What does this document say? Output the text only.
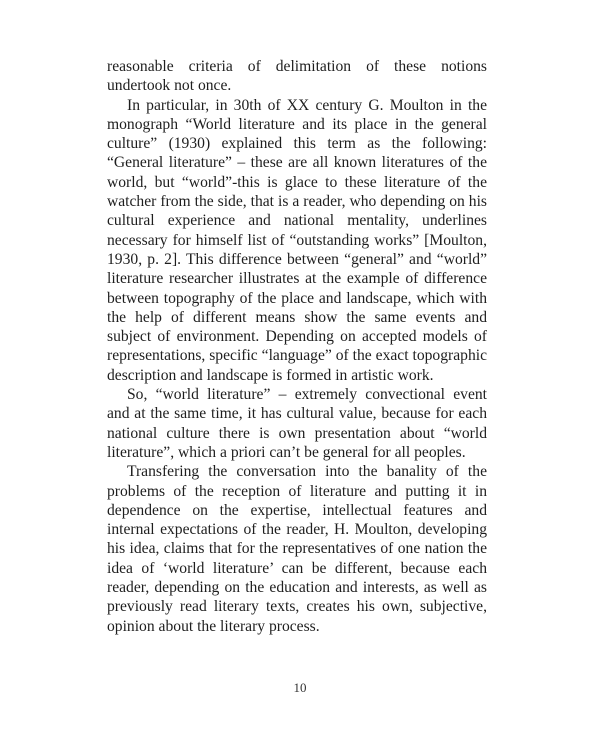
reasonable criteria of delimitation of these notions undertook not once.

In particular, in 30th of XX century G. Moulton in the monograph “World literature and its place in the general culture” (1930) explained this term as the following: “General literature” – these are all known literatures of the world, but “world”-this is glace to these literature of the watcher from the side, that is a reader, who depending on his cultural experience and national mentality, underlines necessary for himself list of “outstanding works” [Moulton, 1930, p. 2]. This difference between “general” and “world” literature researcher illustrates at the example of difference between topography of the place and landscape, which with the help of different means show the same events and subject of environment. Depending on accepted models of representations, specific “language” of the exact topographic description and landscape is formed in artistic work.

So, “world literature” – extremely convectional event and at the same time, it has cultural value, because for each national culture there is own presentation about “world literature”, which a priori can’t be general for all peoples.

Transfering the conversation into the banality of the problems of the reception of literature and putting it in dependence on the expertise, intellectual features and internal expectations of the reader, H. Moulton, developing his idea, claims that for the representatives of one nation the idea of ‘world literature’ can be different, because each reader, depending on the education and interests, as well as previously read literary texts, creates his own, subjective, opinion about the literary process.

10
